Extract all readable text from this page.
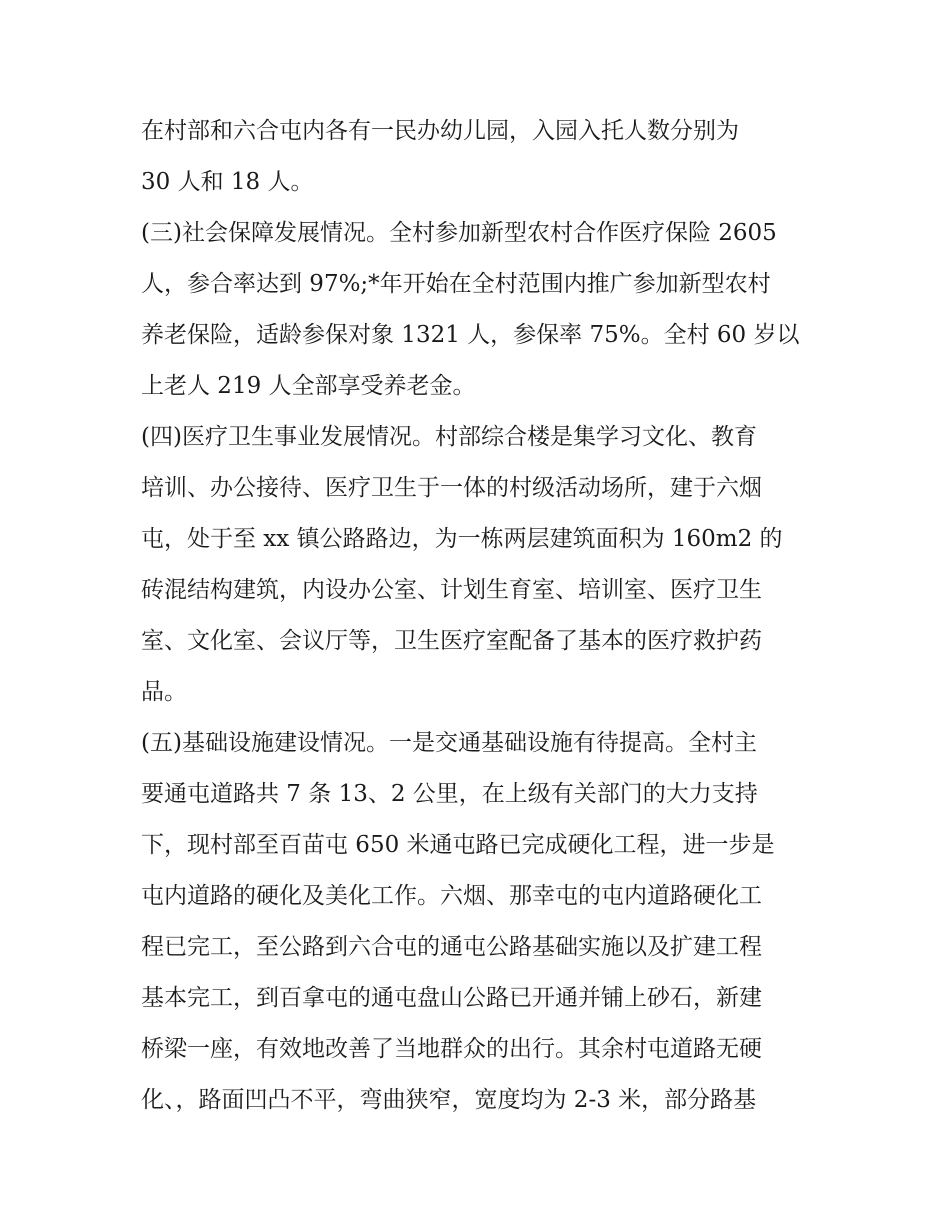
在村部和六合屯内各有一民办幼儿园，入园入托人数分别为
30 人和 18 人。
(三)社会保障发展情况。全村参加新型农村合作医疗保险 2605
人，参合率达到 97%;*年开始在全村范围内推广参加新型农村
养老保险，适龄参保对象 1321 人，参保率 75%。全村 60 岁以
上老人 219 人全部享受养老金。
(四)医疗卫生事业发展情况。村部综合楼是集学习文化、教育
培训、办公接待、医疗卫生于一体的村级活动场所，建于六烟
屯，处于至 xx 镇公路路边，为一栋两层建筑面积为 160m2 的
砖混结构建筑，内设办公室、计划生育室、培训室、医疗卫生
室、文化室、会议厅等，卫生医疗室配备了基本的医疗救护药
品。
(五)基础设施建设情况。一是交通基础设施有待提高。全村主
要通屯道路共 7 条 13、2 公里，在上级有关部门的大力支持
下，现村部至百苗屯 650 米通屯路已完成硬化工程，进一步是
屯内道路的硬化及美化工作。六烟、那幸屯的屯内道路硬化工
程已完工，至公路到六合屯的通屯公路基础实施以及扩建工程
基本完工，到百拿屯的通屯盘山公路已开通并铺上砂石，新建
桥梁一座，有效地改善了当地群众的出行。其余村屯道路无硬
化、，路面凹凸不平，弯曲狭窄，宽度均为 2-3 米，部分路基
